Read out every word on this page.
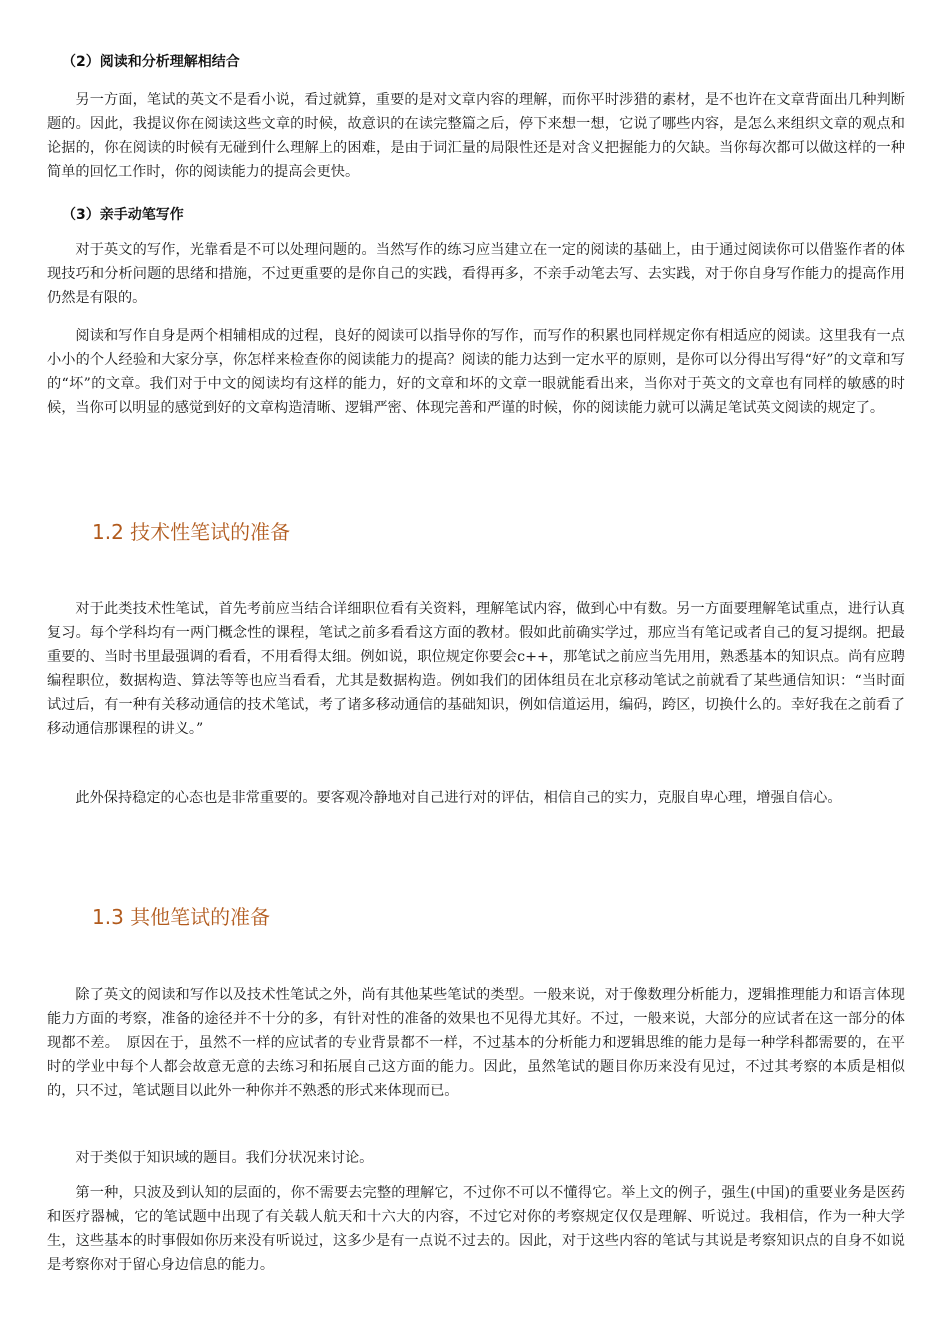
（2）阅读和分析理解相结合
另一方面，笔试的英文不是看小说，看过就算，重要的是对文章内容的理解，而你平时涉猎的素材，是不也许在文章背面出几种判断题的。因此，我提议你在阅读这些文章的时候，故意识的在读完整篇之后，停下来想一想，它说了哪些内容，是怎么来组织文章的观点和论据的，你在阅读的时候有无碰到什么理解上的困难，是由于词汇量的局限性还是对含义把握能力的欠缺。当你每次都可以做这样的一种简单的回忆工作时，你的阅读能力的提高会更快。
（3）亲手动笔写作
对于英文的写作，光靠看是不可以处理问题的。当然写作的练习应当建立在一定的阅读的基础上，由于通过阅读你可以借鉴作者的体现技巧和分析问题的思绪和措施，不过更重要的是你自己的实践，看得再多，不亲手动笔去写、去实践，对于你自身写作能力的提高作用仍然是有限的。
阅读和写作自身是两个相辅相成的过程，良好的阅读可以指导你的写作，而写作的积累也同样规定你有相适应的阅读。这里我有一点小小的个人经验和大家分享，你怎样来检查你的阅读能力的提高？阅读的能力达到一定水平的原则，是你可以分得出写得“好”的文章和写的“坏”的文章。我们对于中文的阅读均有这样的能力，好的文章和坏的文章一眼就能看出来，当你对于英文的文章也有同样的敏感的时候，当你可以明显的感觉到好的文章构造清晰、逻辑严密、体现完善和严谨的时候，你的阅读能力就可以满足笔试英文阅读的规定了。
1.2 技术性笔试的准备
对于此类技术性笔试，首先考前应当结合详细职位看有关资料，理解笔试内容，做到心中有数。另一方面要理解笔试重点，进行认真复习。每个学科均有一两门概念性的课程，笔试之前多看看这方面的教材。假如此前确实学过，那应当有笔记或者自己的复习提纲。把最重要的、当时书里最强调的看看，不用看得太细。例如说，职位规定你要会c++，那笔试之前应当先用用，熟悉基本的知识点。尚有应聘编程职位，数据构造、算法等等也应当看看，尤其是数据构造。例如我们的团体组员在北京移动笔试之前就看了某些通信知识：“当时面试过后，有一种有关移动通信的技术笔试，考了诸多移动通信的基础知识，例如信道运用，编码，跨区，切换什么的。幸好我在之前看了移动通信那课程的讲义。”
此外保持稳定的心态也是非常重要的。要客观冷静地对自己进行对的评估，相信自己的实力，克服自卑心理，增强自信心。
1.3 其他笔试的准备
除了英文的阅读和写作以及技术性笔试之外，尚有其他某些笔试的类型。一般来说，对于像数理分析能力，逻辑推理能力和语言体现能力方面的考察，准备的途径并不十分的多，有针对性的准备的效果也不见得尤其好。不过，一般来说，大部分的应试者在这一部分的体现都不差。　原因在于，虽然不一样的应试者的专业背景都不一样，不过基本的分析能力和逻辑思维的能力是每一种学科都需要的，在平时的学业中每个人都会故意无意的去练习和拓展自己这方面的能力。因此，虽然笔试的题目你历来没有见过，不过其考察的本质是相似的，只不过，笔试题目以此外一种你并不熟悉的形式来体现而已。
对于类似于知识域的题目。我们分状况来讨论。
第一种，只波及到认知的层面的，你不需要去完整的理解它，不过你不可以不懂得它。举上文的例子，强生(中国)的重要业务是医药和医疗器械，它的笔试题中出现了有关载人航天和十六大的内容，不过它对你的考察规定仅仅是理解、听说过。我相信，作为一种大学生，这些基本的时事假如你历来没有听说过，这多少是有一点说不过去的。因此，对于这些内容的笔试与其说是考察知识点的自身不如说是考察你对于留心身边信息的能力。
